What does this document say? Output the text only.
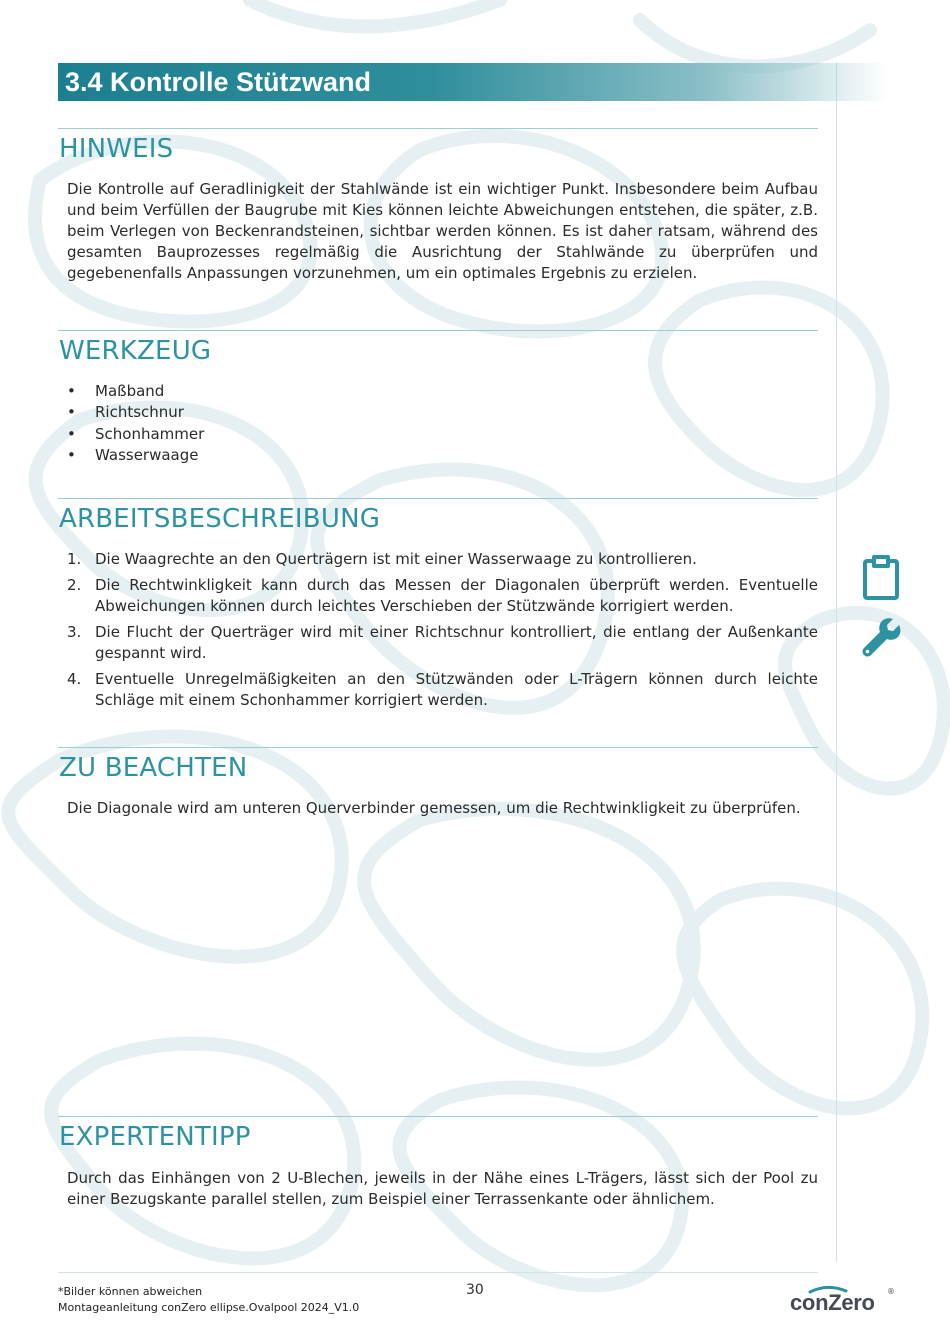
3.4 Kontrolle Stützwand
HINWEIS

Die Kontrolle auf Geradlinigkeit der Stahlwände ist ein wichtiger Punkt. Insbesondere beim Aufbau und beim Verfüllen der Baugrube mit Kies können leichte Abweichungen entstehen, die später, z.B. beim Verlegen von Beckenrandsteinen, sichtbar werden können. Es ist daher ratsam, während des gesamten Bauprozesses regelmäßig die Ausrichtung der Stahlwände zu überprüfen und gegebenenfalls Anpassungen vorzunehmen, um ein optimales Ergebnis zu erzielen.

WERKZEUG
• Maßband
• Richtschnur
• Schonhammer
• Wasserwaage
ARBEITSBESCHREIBUNG
1. Die Waagrechte an den Querträgern ist mit einer Wasserwaage zu kontrollieren.
2. Die Rechtwinkligkeit kann durch das Messen der Diagonalen überprüft werden. Eventuelle Abweichungen können durch leichtes Verschieben der Stützwände korrigiert werden.
3. Die Flucht der Querträger wird mit einer Richtschnur kontrolliert, die entlang der Außenkante gespannt wird.
4. Eventuelle Unregelmäßigkeiten an den Stützwänden oder L-Trägern können durch leichte Schläge mit einem Schonhammer korrigiert werden.
ZU BEACHTEN

Die Diagonale wird am unteren Querverbinder gemessen, um die Rechtwinkligkeit zu überprüfen.

EXPERTENTIPP

Durch das Einhängen von 2 U-Blechen, jeweils in der Nähe eines L-Trägers, lässt sich der Pool zu einer Bezugskante parallel stellen, zum Beispiel einer Terrassenkante oder ähnlichem.

*Bilder können abweichen
Montageanleitung conZero ellipse.Ovalpool 2024_V1.0
30	conZero ®
